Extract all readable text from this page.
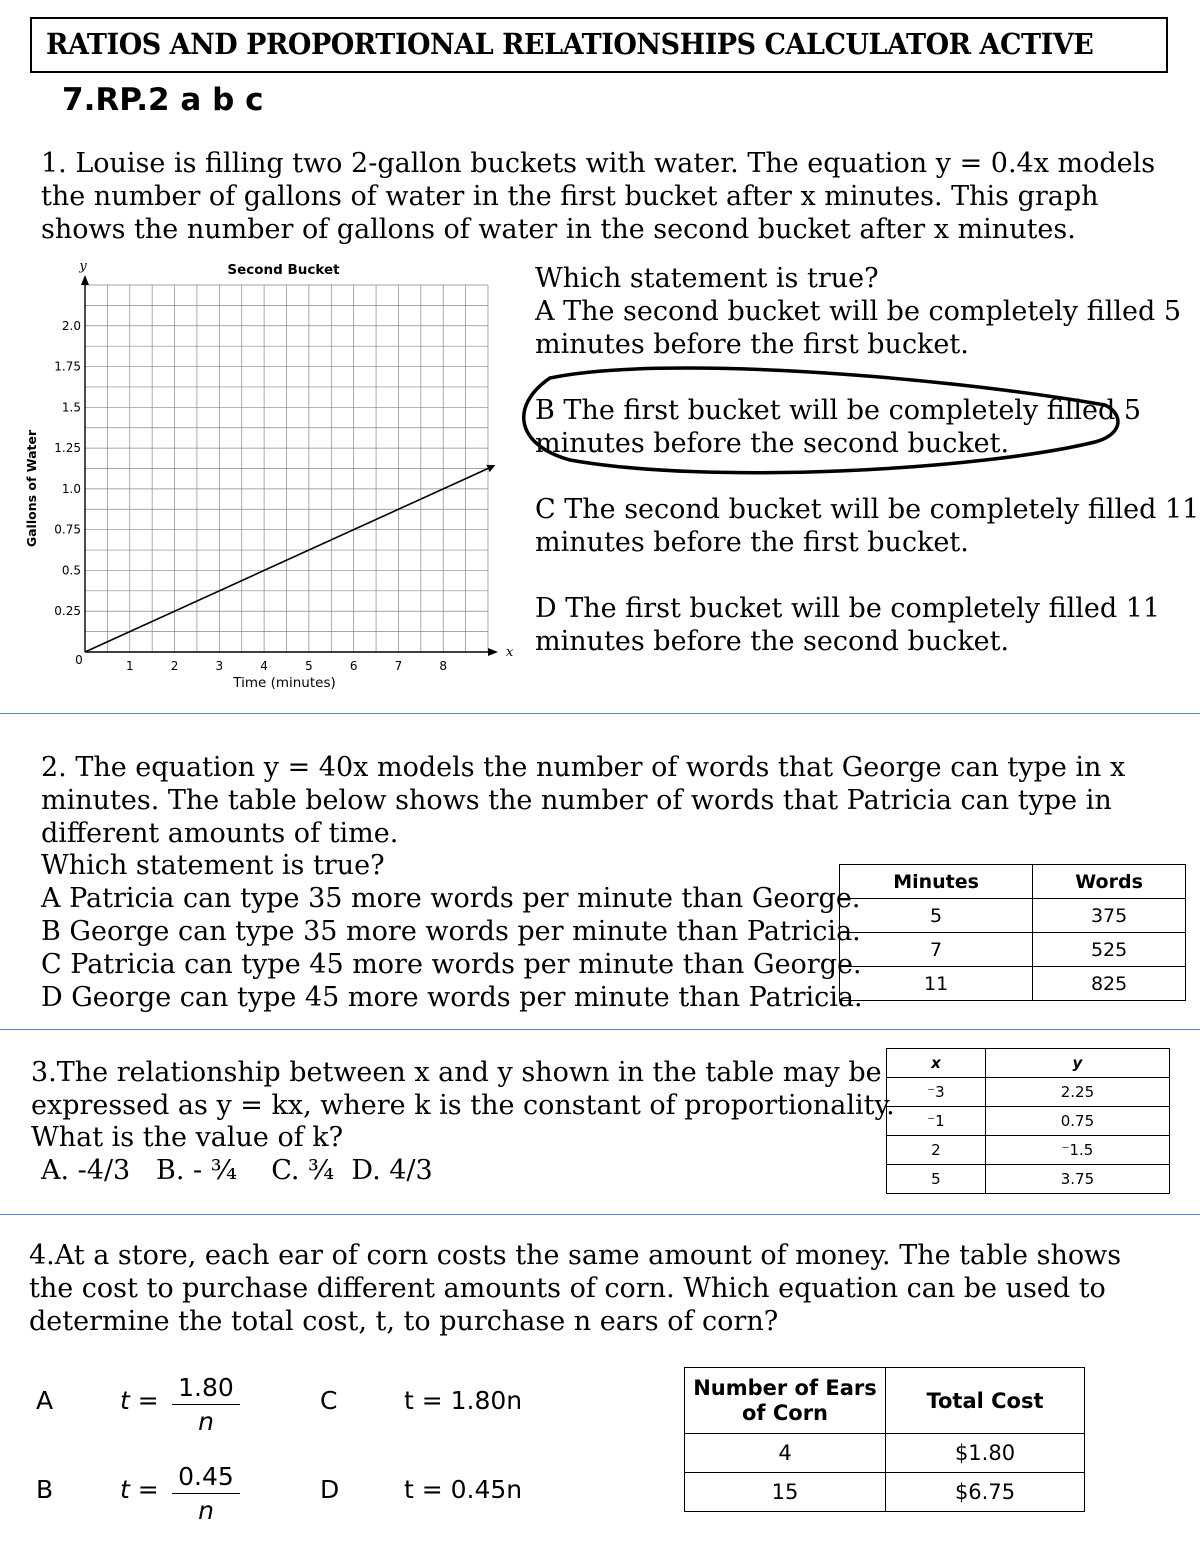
RATIOS AND PROPORTIONAL RELATIONSHIPS CALCULATOR ACTIVE
7.RP.2 a b c
1. Louise is filling two 2-gallon buckets with water. The equation y = 0.4x models
the number of gallons of water in the first bucket after x minutes. This graph
shows the number of gallons of water in the second bucket after x minutes.
Which statement is true?
A The second bucket will be completely filled 5
minutes before the first bucket.
B The first bucket will be completely filled 5
minutes before the second bucket.
C The second bucket will be completely filled 11
minutes before the first bucket.
D The first bucket will be completely filled 11
minutes before the second bucket.
1	2	3	4	5	6	7	8
0.25
0.5
0.75
1.0
1.25
1.5
1.75
2.0
0	x
y	Second Bucket
Time (minutes)
Gallons of Water
2. The equation y = 40x models the number of words that George can type in x
minutes. The table below shows the number of words that Patricia can type in
different amounts of time.
Which statement is true?
A Patricia can type 35 more words per minute than George.
B George can type 35 more words per minute than Patricia.
C Patricia can type 45 more words per minute than George.
D George can type 45 more words per minute than Patricia.
Minutes	Words
5	375
7	525
11	825
3.The relationship between x and y shown in the table may be
expressed as y = kx, where k is the constant of proportionality.
What is the value of k?
A. -4/3   B. - ¾    C. ¾  D. 4/3
x	y
⁻3	2.25
⁻1	0.75
2	⁻1.5
5	3.75
4.At a store, each ear of corn costs the same amount of money. The table shows
the cost to purchase different amounts of corn. Which equation can be used to
determine the total cost, t, to purchase n ears of corn?
A	$t = \frac{1.80}{n}$
B	$t = \frac{0.45}{n}$
C	t = 1.80n
D	t = 0.45n
Number of Ears of Corn	Total Cost
4	$1.80
15	$6.75
